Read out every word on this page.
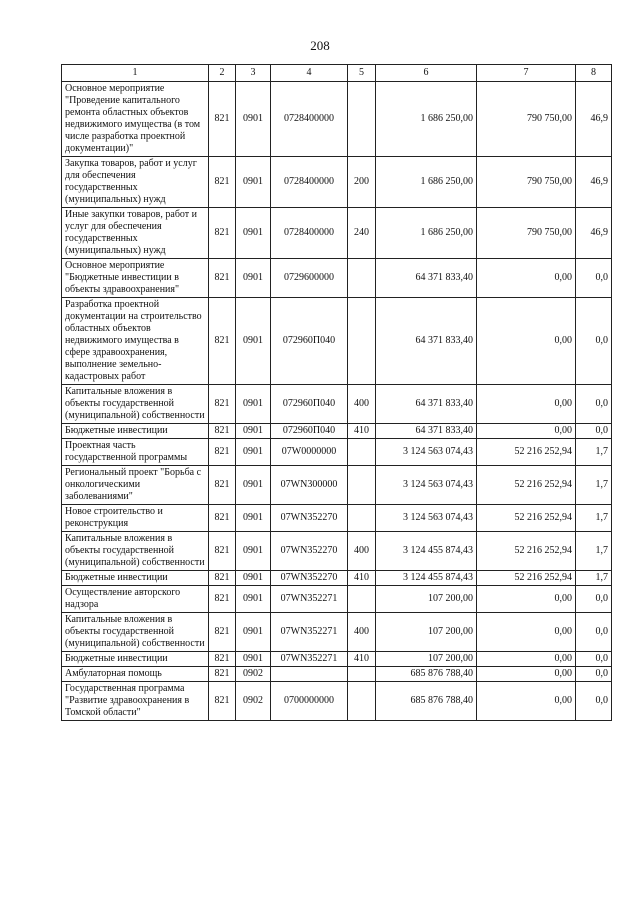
208
1	2	3	4	5	6	7	8
Основное мероприятие "Проведение капитального ремонта областных объектов недвижимого имущества (в том числе разработка проектной документации)"	821	0901	0728400000		1 686 250,00	790 750,00	46,9
Закупка товаров, работ и услуг для обеспечения государственных (муниципальных) нужд	821	0901	0728400000	200	1 686 250,00	790 750,00	46,9
Иные закупки товаров, работ и услуг для обеспечения государственных (муниципальных) нужд	821	0901	0728400000	240	1 686 250,00	790 750,00	46,9
Основное мероприятие "Бюджетные инвестиции в объекты здравоохранения"	821	0901	0729600000		64 371 833,40	0,00	0,0
Разработка проектной документации на строительство областных объектов недвижимого имущества в сфере здравоохранения, выполнение земельно-кадастровых работ	821	0901	072960П040		64 371 833,40	0,00	0,0
Капитальные вложения в объекты государственной (муниципальной) собственности	821	0901	072960П040	400	64 371 833,40	0,00	0,0
Бюджетные инвестиции	821	0901	072960П040	410	64 371 833,40	0,00	0,0
Проектная часть государственной программы	821	0901	07W0000000		3 124 563 074,43	52 216 252,94	1,7
Региональный проект "Борьба с онкологическими заболеваниями"	821	0901	07WN300000		3 124 563 074,43	52 216 252,94	1,7
Новое строительство и реконструкция	821	0901	07WN352270		3 124 563 074,43	52 216 252,94	1,7
Капитальные вложения в объекты государственной (муниципальной) собственности	821	0901	07WN352270	400	3 124 455 874,43	52 216 252,94	1,7
Бюджетные инвестиции	821	0901	07WN352270	410	3 124 455 874,43	52 216 252,94	1,7
Осуществление авторского надзора	821	0901	07WN352271		107 200,00	0,00	0,0
Капитальные вложения в объекты государственной (муниципальной) собственности	821	0901	07WN352271	400	107 200,00	0,00	0,0
Бюджетные инвестиции	821	0901	07WN352271	410	107 200,00	0,00	0,0
Амбулаторная помощь	821	0902			685 876 788,40	0,00	0,0
Государственная программа "Развитие здравоохранения в Томской области"	821	0902	0700000000		685 876 788,40	0,00	0,0
